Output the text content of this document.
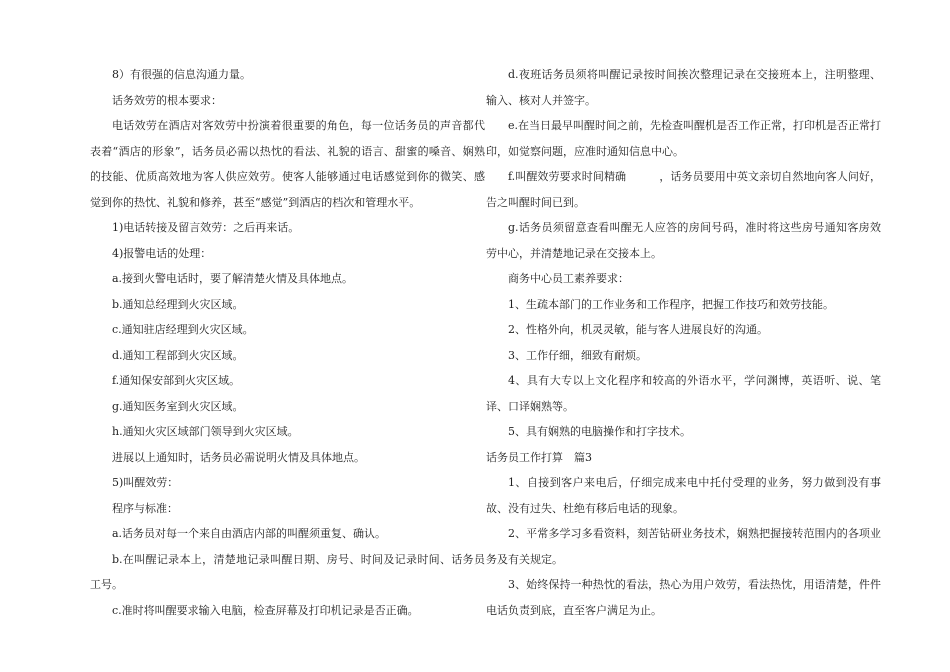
8）有很强的信息沟通力量。

话务效劳的根本要求：

电话效劳在酒店对客效劳中扮演着很重要的角色，每一位话务员的声音都代表着“酒店的形象”，话务员必需以热忱的看法、礼貌的语言、甜蜜的嗓音、娴熟的技能、优质高效地为客人供应效劳。使客人能够通过电话感觉到你的微笑、感觉到你的热忱、礼貌和修养，甚至“感觉”到酒店的档次和管理水平。

1)电话转接及留言效劳：之后再来话。

4)报警电话的处理：

a.接到火警电话时，要了解清楚火情及具体地点。

b.通知总经理到火灾区域。

c.通知驻店经理到火灾区域。

d.通知工程部到火灾区域。

f.通知保安部到火灾区域。

g.通知医务室到火灾区域。

h.通知火灾区域部门领导到火灾区域。

进展以上通知时，话务员必需说明火情及具体地点。

5)叫醒效劳：

程序与标准：

a.话务员对每一个来自由酒店内部的叫醒须重复、确认。

b.在叫醒记录本上，清楚地记录叫醒日期、房号、时间及记录时间、话务员工号。

c.准时将叫醒要求输入电脑，检查屏幕及打印机记录是否正确。

d.夜班话务员须将叫醒记录按时间挨次整理记录在交接班本上，注明整理、输入、核对人并签字。

e.在当日最早叫醒时间之前，先检查叫醒机是否工作正常，打印机是否正常打印，如觉察问题，应准时通知信息中心。

f.叫醒效劳要求时间精确　　　，话务员要用中英文亲切自然地向客人问好，告之叫醒时间已到。

g.话务员须留意查看叫醒无人应答的房间号码，准时将这些房号通知客房效劳中心，并清楚地记录在交接本上。

商务中心员工素养要求：

1、生疏本部门的工作业务和工作程序，把握工作技巧和效劳技能。

2、性格外向，机灵灵敏，能与客人进展良好的沟通。

3、工作仔细，细致有耐烦。

4、具有大专以上文化程序和较高的外语水平，学问渊博，英语听、说、笔译、口译娴熟等。

5、具有娴熟的电脑操作和打字技术。

话务员工作打算　篇3

1、自接到客户来电后，仔细完成来电中托付受理的业务，努力做到没有事故、没有过失、杜绝有移后电话的现象。

2、平常多学习多看资料，刻苦钻研业务技术，娴熟把握接转范围内的各项业务及有关规定。

3、始终保持一种热忱的看法，热心为用户效劳，看法热忱，用语清楚，件件电话负责到底，直至客户满足为止。
